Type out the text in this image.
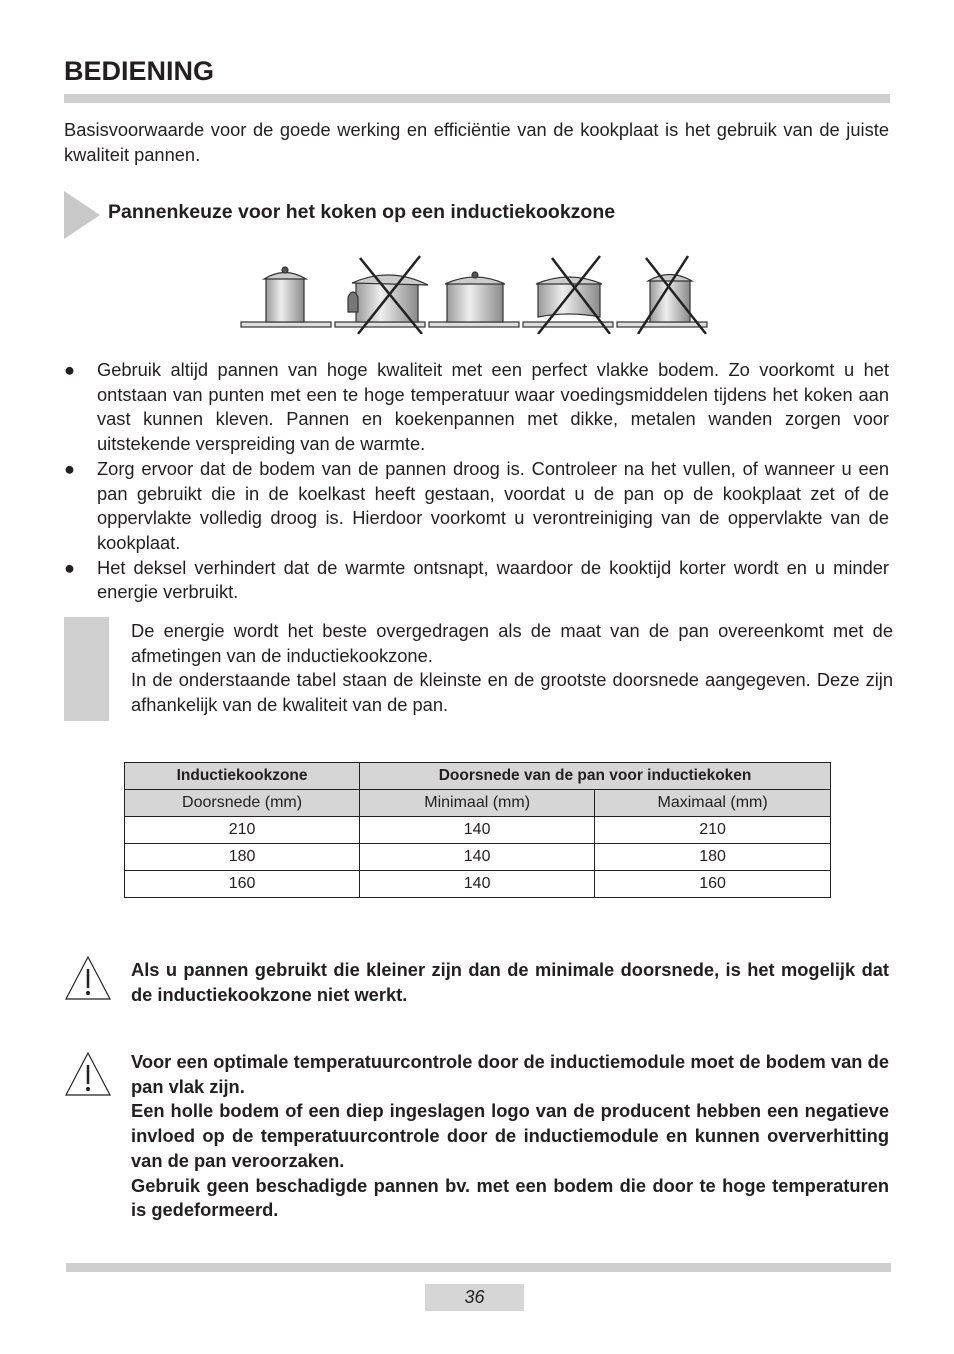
BEDIENING

Basisvoorwaarde voor de goede werking en efficiëntie van de kookplaat is het gebruik van de juiste kwaliteit pannen.

Pannenkeuze voor het koken op een inductiekookzone
● Gebruik altijd pannen van hoge kwaliteit met een perfect vlakke bodem. Zo voorkomt u het ontstaan van punten met een te hoge temperatuur waar voedingsmiddelen tijdens het koken aan vast kunnen kleven. Pannen en koekenpannen met dikke, metalen wanden zorgen voor uitstekende verspreiding van de warmte.
● Zorg ervoor dat de bodem van de pannen droog is. Controleer na het vullen, of wanneer u een pan gebruikt die in de koelkast heeft gestaan, voordat u de pan op de kookplaat zet of de oppervlakte volledig droog is. Hierdoor voorkomt u verontreiniging van de oppervlakte van de kookplaat.
● Het deksel verhindert dat de warmte ontsnapt, waardoor de kooktijd korter wordt en u minder energie verbruikt.

De energie wordt het beste overgedragen als de maat van de pan overeenkomt met de afmetingen van de inductiekookzone.

In de onderstaande tabel staan de kleinste en de grootste doorsnede aangegeven. Deze zijn afhankelijk van de kwaliteit van de pan.

Inductiekookzone	Doorsnede van de pan voor inductiekoken	
Doorsnede (mm)	Minimaal (mm)	Maximaal (mm)
210	140	210
180	140	180
160	140	160

Als u pannen gebruikt die kleiner zijn dan de minimale doorsnede, is het mogelijk dat de inductiekookzone niet werkt.

Voor een optimale temperatuurcontrole door de inductiemodule moet de bodem van de pan vlak zijn.

Een holle bodem of een diep ingeslagen logo van de producent hebben een negatieve invloed op de temperatuurcontrole door de inductiemodule en kunnen oververhitting van de pan veroorzaken.

Gebruik geen beschadigde pannen bv. met een bodem die door te hoge temperaturen is gedeformeerd.

36
